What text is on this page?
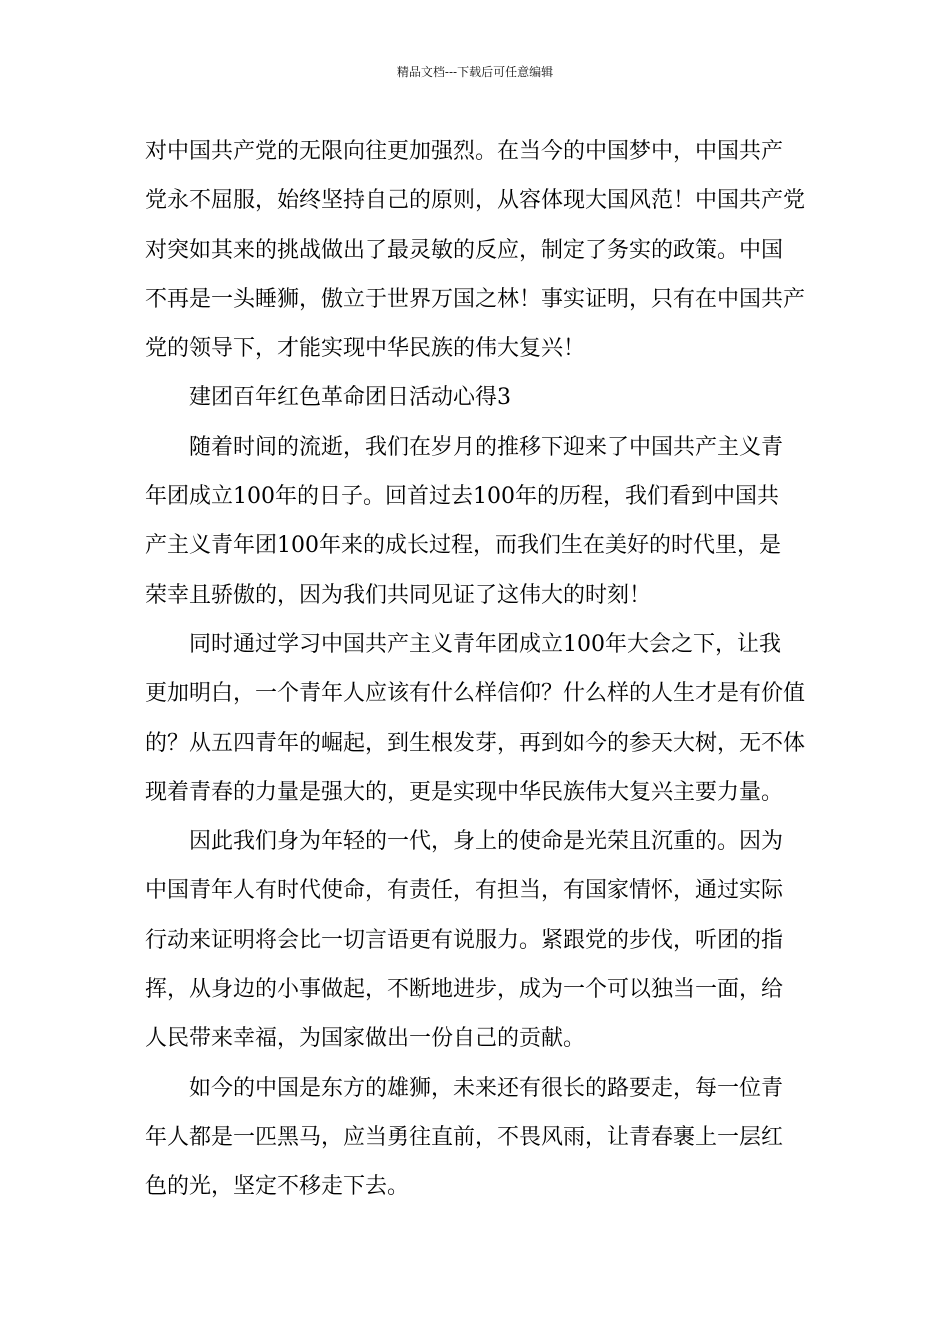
精品文档---下载后可任意编辑
对中国共产党的无限向往更加强烈。在当今的中国梦中，中国共产
党永不屈服，始终坚持自己的原则，从容体现大国风范！中国共产党
对突如其来的挑战做出了最灵敏的反应，制定了务实的政策。中国
不再是一头睡狮，傲立于世界万国之林！事实证明，只有在中国共产
党的领导下，才能实现中华民族的伟大复兴！
建团百年红色革命团日活动心得3
随着时间的流逝，我们在岁月的推移下迎来了中国共产主义青
年团成立100年的日子。回首过去100年的历程，我们看到中国共
产主义青年团100年来的成长过程，而我们生在美好的时代里，是
荣幸且骄傲的，因为我们共同见证了这伟大的时刻！
同时通过学习中国共产主义青年团成立100年大会之下，让我
更加明白，一个青年人应该有什么样信仰？什么样的人生才是有价值
的？从五四青年的崛起，到生根发芽，再到如今的参天大树，无不体
现着青春的力量是强大的，更是实现中华民族伟大复兴主要力量。
因此我们身为年轻的一代，身上的使命是光荣且沉重的。因为
中国青年人有时代使命，有责任，有担当，有国家情怀，通过实际
行动来证明将会比一切言语更有说服力。紧跟党的步伐，听团的指
挥，从身边的小事做起，不断地进步，成为一个可以独当一面，给
人民带来幸福，为国家做出一份自己的贡献。
如今的中国是东方的雄狮，未来还有很长的路要走，每一位青
年人都是一匹黑马，应当勇往直前，不畏风雨，让青春裹上一层红
色的光，坚定不移走下去。
